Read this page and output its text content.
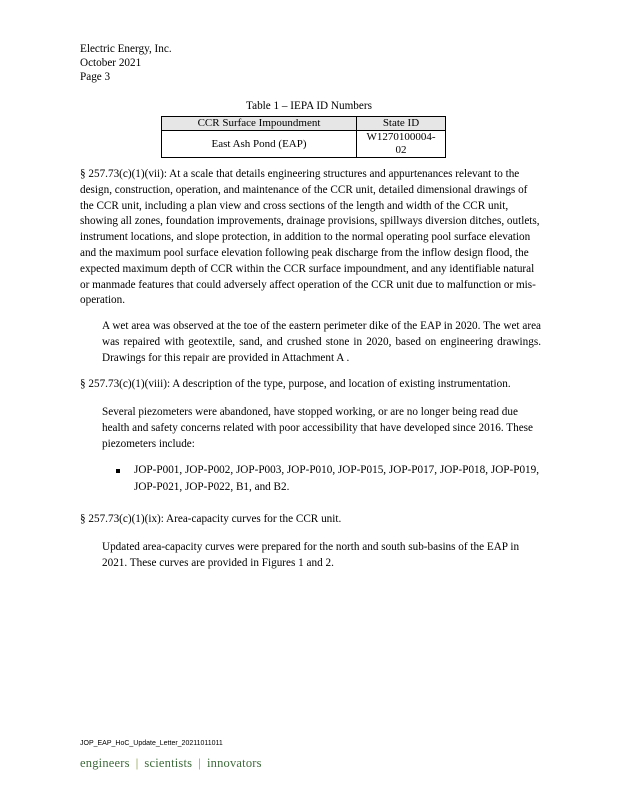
Electric Energy, Inc.
October 2021
Page 3
Table 1 – IEPA ID Numbers
CCR Surface Impoundment	State ID
East Ash Pond (EAP)	W1270100004-02
§ 257.73(c)(1)(vii): At a scale that details engineering structures and appurtenances relevant to the design, construction, operation, and maintenance of the CCR unit, detailed dimensional drawings of the CCR unit, including a plan view and cross sections of the length and width of the CCR unit, showing all zones, foundation improvements, drainage provisions, spillways diversion ditches, outlets, instrument locations, and slope protection, in addition to the normal operating pool surface elevation and the maximum pool surface elevation following peak discharge from the inflow design flood, the expected maximum depth of CCR within the CCR surface impoundment, and any identifiable natural or manmade features that could adversely affect operation of the CCR unit due to malfunction or mis-operation.
A wet area was observed at the toe of the eastern perimeter dike of the EAP in 2020. The wet area was repaired with geotextile, sand, and crushed stone in 2020, based on engineering drawings. Drawings for this repair are provided in Attachment A .
§ 257.73(c)(1)(viii): A description of the type, purpose, and location of existing instrumentation.
Several piezometers were abandoned, have stopped working, or are no longer being read due health and safety concerns related with poor accessibility that have developed since 2016. These piezometers include:
JOP-P001, JOP-P002, JOP-P003, JOP-P010, JOP-P015, JOP-P017, JOP-P018, JOP-P019, JOP-P021, JOP-P022, B1, and B2.
§ 257.73(c)(1)(ix): Area-capacity curves for the CCR unit.
Updated area-capacity curves were prepared for the north and south sub-basins of the EAP in 2021. These curves are provided in Figures 1 and 2.
JOP_EAP_HoC_Update_Letter_20211011011
engineers | scientists | innovators
